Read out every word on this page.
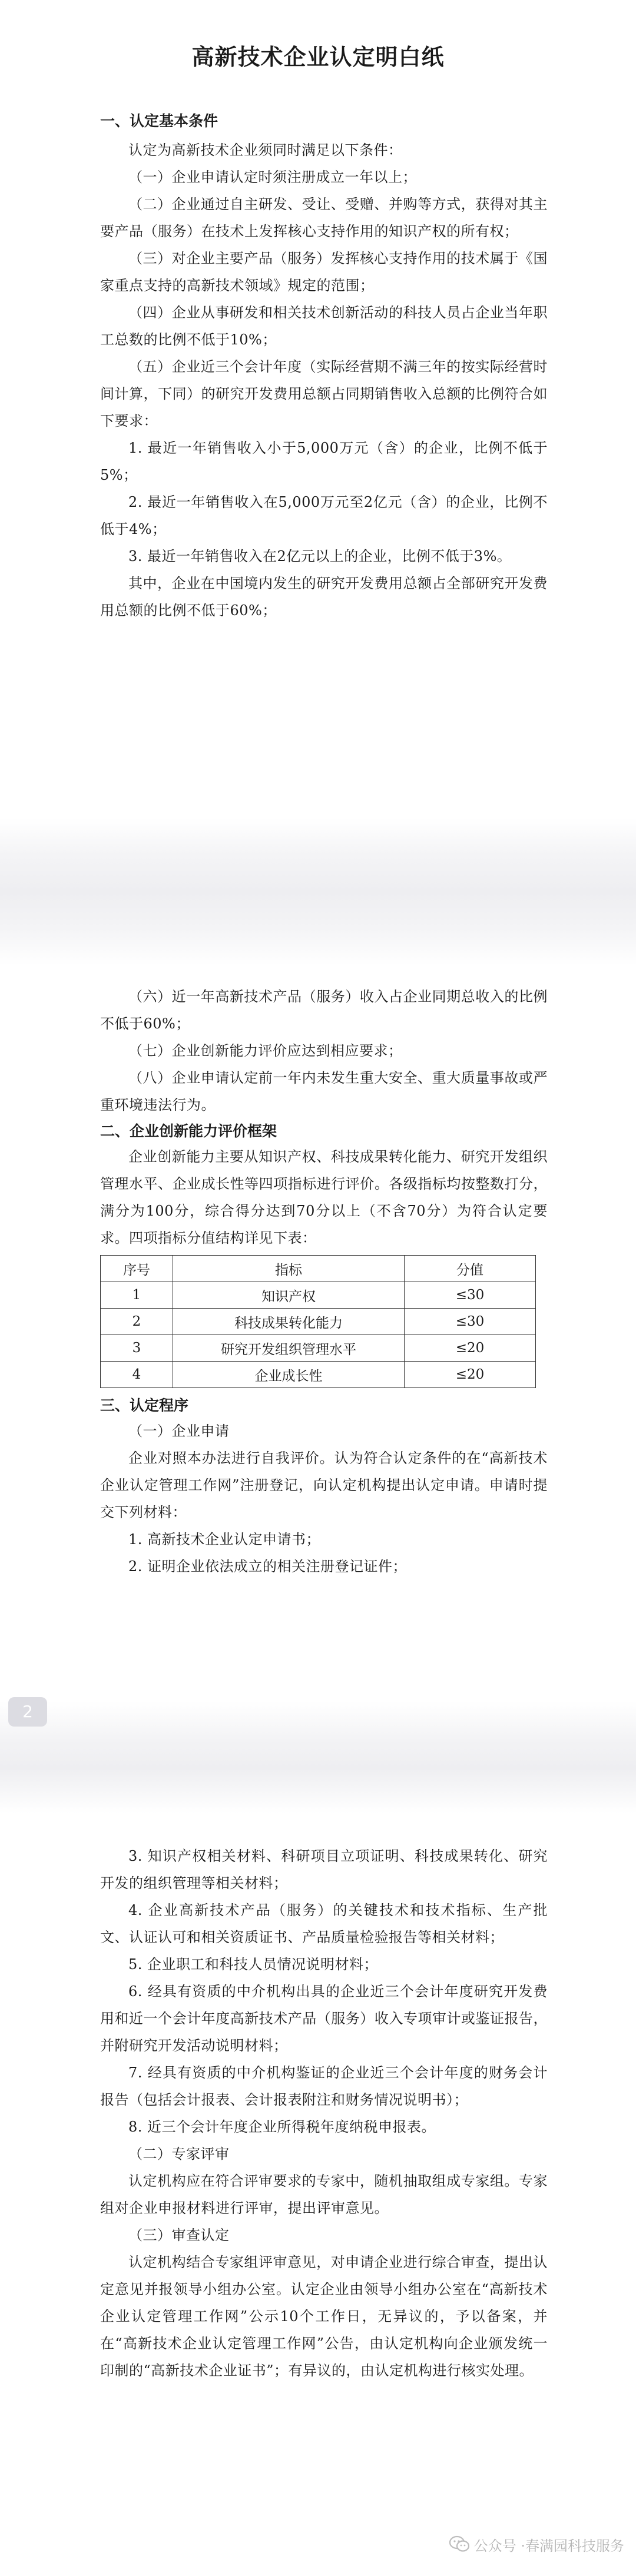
高新技术企业认定明白纸

一、认定基本条件

认定为高新技术企业须同时满足以下条件：

（一）企业申请认定时须注册成立一年以上；

（二）企业通过自主研发、受让、受赠、并购等方式，获得对其主要产品（服务）在技术上发挥核心支持作用的知识产权的所有权；

（三）对企业主要产品（服务）发挥核心支持作用的技术属于《国家重点支持的高新技术领域》规定的范围；

（四）企业从事研发和相关技术创新活动的科技人员占企业当年职工总数的比例不低于10%；

（五）企业近三个会计年度（实际经营期不满三年的按实际经营时间计算，下同）的研究开发费用总额占同期销售收入总额的比例符合如下要求：

1. 最近一年销售收入小于5,000万元（含）的企业，比例不低于5%；

2. 最近一年销售收入在5,000万元至2亿元（含）的企业，比例不低于4%；

3. 最近一年销售收入在2亿元以上的企业，比例不低于3%。

其中，企业在中国境内发生的研究开发费用总额占全部研究开发费用总额的比例不低于60%；

（六）近一年高新技术产品（服务）收入占企业同期总收入的比例不低于60%；

（七）企业创新能力评价应达到相应要求；

（八）企业申请认定前一年内未发生重大安全、重大质量事故或严重环境违法行为。

二、企业创新能力评价框架

企业创新能力主要从知识产权、科技成果转化能力、研究开发组织管理水平、企业成长性等四项指标进行评价。各级指标均按整数打分，满分为100分，综合得分达到70分以上（不含70分）为符合认定要求。四项指标分值结构详见下表：

序号	指标	分值
1	知识产权	≤30
2	科技成果转化能力	≤30
3	研究开发组织管理水平	≤20
4	企业成长性	≤20

三、认定程序

（一）企业申请

企业对照本办法进行自我评价。认为符合认定条件的在“高新技术企业认定管理工作网”注册登记，向认定机构提出认定申请。申请时提交下列材料：

1. 高新技术企业认定申请书；

2. 证明企业依法成立的相关注册登记证件；

2

3. 知识产权相关材料、科研项目立项证明、科技成果转化、研究开发的组织管理等相关材料；

4. 企业高新技术产品（服务）的关键技术和技术指标、生产批文、认证认可和相关资质证书、产品质量检验报告等相关材料；

5. 企业职工和科技人员情况说明材料；

6. 经具有资质的中介机构出具的企业近三个会计年度研究开发费用和近一个会计年度高新技术产品（服务）收入专项审计或鉴证报告，并附研究开发活动说明材料；

7. 经具有资质的中介机构鉴证的企业近三个会计年度的财务会计报告（包括会计报表、会计报表附注和财务情况说明书）；

8. 近三个会计年度企业所得税年度纳税申报表。

（二）专家评审

认定机构应在符合评审要求的专家中，随机抽取组成专家组。专家组对企业申报材料进行评审，提出评审意见。

（三）审查认定

认定机构结合专家组评审意见，对申请企业进行综合审查，提出认定意见并报领导小组办公室。认定企业由领导小组办公室在“高新技术企业认定管理工作网”公示10个工作日，无异议的，予以备案，并在“高新技术企业认定管理工作网”公告，由认定机构向企业颁发统一印制的“高新技术企业证书”；有异议的，由认定机构进行核实处理。

公众号 · 春满园科技服务
